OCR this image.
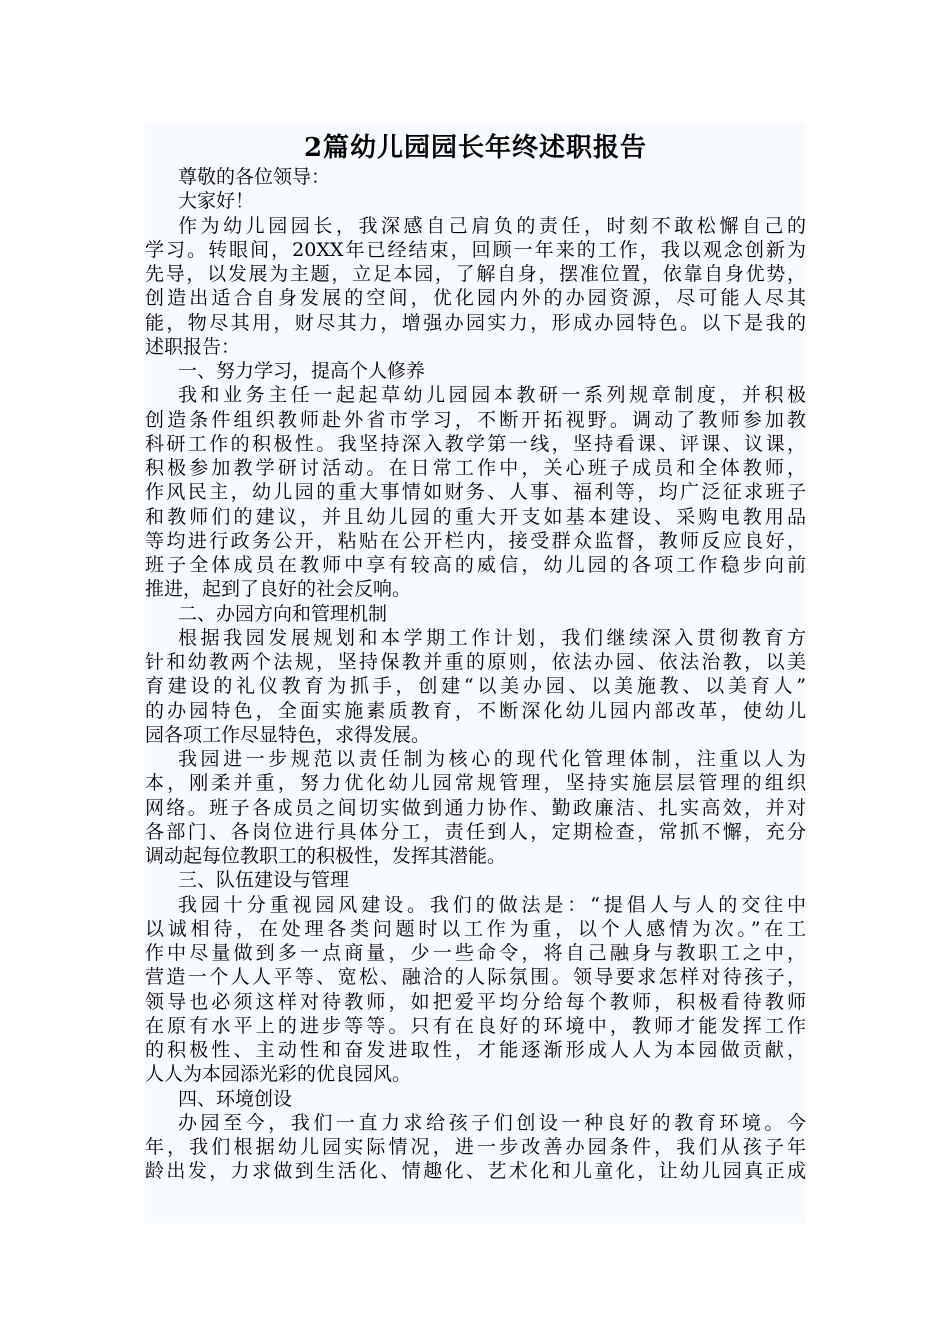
2篇幼儿园园长年终述职报告
尊敬的各位领导：
大家好！
作为幼儿园园长，我深感自己肩负的责任，时刻不敢松懈自己的
学习。转眼间，20XX年已经结束，回顾一年来的工作，我以观念创新为
先导，以发展为主题，立足本园，了解自身，摆准位置，依靠自身优势，
创造出适合自身发展的空间，优化园内外的办园资源，尽可能人尽其
能，物尽其用，财尽其力，增强办园实力，形成办园特色。以下是我的
述职报告：
一、努力学习，提高个人修养
我和业务主任一起起草幼儿园园本教研一系列规章制度，并积极
创造条件组织教师赴外省市学习，不断开拓视野。调动了教师参加教
科研工作的积极性。我坚持深入教学第一线，坚持看课、评课、议课，
积极参加教学研讨活动。在日常工作中，关心班子成员和全体教师，
作风民主，幼儿园的重大事情如财务、人事、福利等，均广泛征求班子
和教师们的建议，并且幼儿园的重大开支如基本建设、采购电教用品
等均进行政务公开，粘贴在公开栏内，接受群众监督，教师反应良好，
班子全体成员在教师中享有较高的威信，幼儿园的各项工作稳步向前
推进，起到了良好的社会反响。
二、办园方向和管理机制
根据我园发展规划和本学期工作计划，我们继续深入贯彻教育方
针和幼教两个法规，坚持保教并重的原则，依法办园、依法治教，以美
育建设的礼仪教育为抓手，创建“以美办园、以美施教、以美育人”
的办园特色，全面实施素质教育，不断深化幼儿园内部改革，使幼儿
园各项工作尽显特色，求得发展。
我园进一步规范以责任制为核心的现代化管理体制，注重以人为
本，刚柔并重，努力优化幼儿园常规管理，坚持实施层层管理的组织
网络。班子各成员之间切实做到通力协作、勤政廉洁、扎实高效，并对
各部门、各岗位进行具体分工，责任到人，定期检查，常抓不懈，充分
调动起每位教职工的积极性，发挥其潜能。
三、队伍建设与管理
我园十分重视园风建设。我们的做法是：“提倡人与人的交往中
以诚相待，在处理各类问题时以工作为重，以个人感情为次。”在工
作中尽量做到多一点商量，少一些命令，将自己融身与教职工之中，
营造一个人人平等、宽松、融洽的人际氛围。领导要求怎样对待孩子，
领导也必须这样对待教师，如把爱平均分给每个教师，积极看待教师
在原有水平上的进步等等。只有在良好的环境中，教师才能发挥工作
的积极性、主动性和奋发进取性，才能逐渐形成人人为本园做贡献，
人人为本园添光彩的优良园风。
四、环境创设
办园至今，我们一直力求给孩子们创设一种良好的教育环境。今
年，我们根据幼儿园实际情况，进一步改善办园条件，我们从孩子年
龄出发，力求做到生活化、情趣化、艺术化和儿童化，让幼儿园真正成
